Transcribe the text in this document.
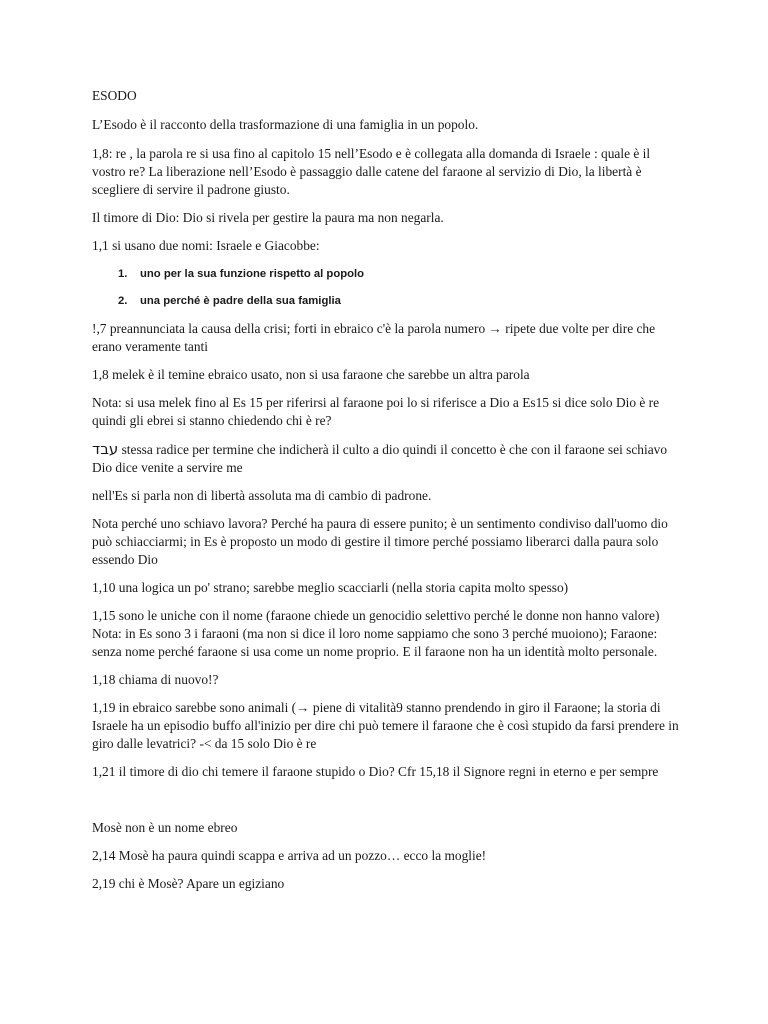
ESODO

L’Esodo è il racconto della trasformazione di una famiglia in un popolo.

1,8: re , la parola re si usa fino al capitolo 15 nell’Esodo e è collegata alla domanda di Israele : quale è il vostro re? La liberazione nell’Esodo è passaggio dalle catene del faraone al servizio di Dio, la libertà è scegliere di servire il padrone giusto.

Il timore di Dio: Dio si rivela per gestire la paura ma non negarla.

1,1 si usano due nomi: Israele e Giacobbe:

1. uno per la sua funzione rispetto al popolo
2. una perché è padre della sua famiglia

!,7 preannunciata la causa della crisi; forti in ebraico c'è la parola numero → ripete due volte per dire che erano veramente tanti

1,8 melek è il temine ebraico usato, non si usa faraone che sarebbe un altra parola

Nota: si usa melek fino al Es 15 per riferirsi al faraone poi lo si riferisce a Dio a Es15 si dice solo Dio è re quindi gli ebrei si stanno chiedendo chi è re?

עבד stessa radice per termine che indicherà il culto a dio quindi il concetto è che con il faraone sei schiavo Dio dice venite a servire me

nell'Es si parla non di libertà assoluta ma di cambio di padrone.

Nota perché uno schiavo lavora? Perché ha paura di essere punito; è un sentimento condiviso dall'uomo dio può schiacciarmi; in Es è proposto un modo di gestire il timore perché possiamo liberarci dalla paura solo essendo Dio

1,10 una logica un po' strano; sarebbe meglio scacciarli (nella storia capita molto spesso)

1,15 sono le uniche con il nome (faraone chiede un genocidio selettivo perché le donne non hanno valore) Nota: in Es sono 3 i faraoni (ma non si dice il loro nome sappiamo che sono 3 perché muoiono); Faraone: senza nome perché faraone si usa come un nome proprio. E il faraone non ha un identità molto personale.

1,18 chiama di nuovo!?

1,19 in ebraico sarebbe sono animali (→ piene di vitalità9 stanno prendendo in giro il Faraone; la storia di Israele ha un episodio buffo all'inizio per dire chi può temere il faraone che è così stupido da farsi prendere in giro dalle levatrici? -< da 15 solo Dio è re

1,21 il timore di dio chi temere il faraone stupido o Dio? Cfr 15,18 il Signore regni in eterno e per sempre

Mosè non è un nome ebreo

2,14 Mosè ha paura quindi scappa e arriva ad un pozzo… ecco la moglie!

2,19 chi è Mosè? Apare un egiziano
